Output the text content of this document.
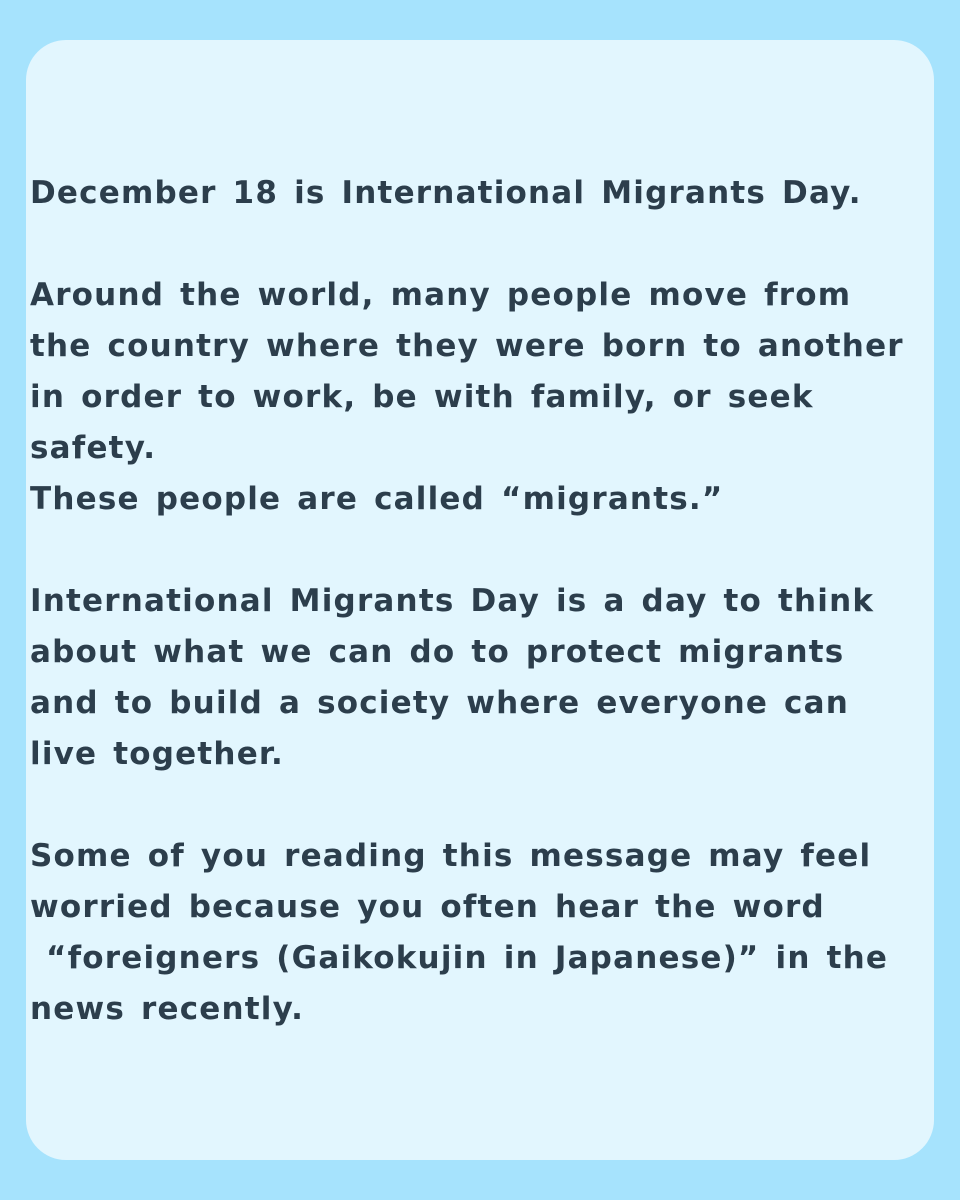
December 18 is International Migrants Day.
Around the world, many people move from
the country where they were born to another
in order to work, be with family, or seek
safety.
These people are called “migrants.”
International Migrants Day is a day to think
about what we can do to protect migrants
and to build a society where everyone can
live together.
Some of you reading this message may feel
worried because you often hear the word
“foreigners (Gaikokujin in Japanese)” in the
news recently.
